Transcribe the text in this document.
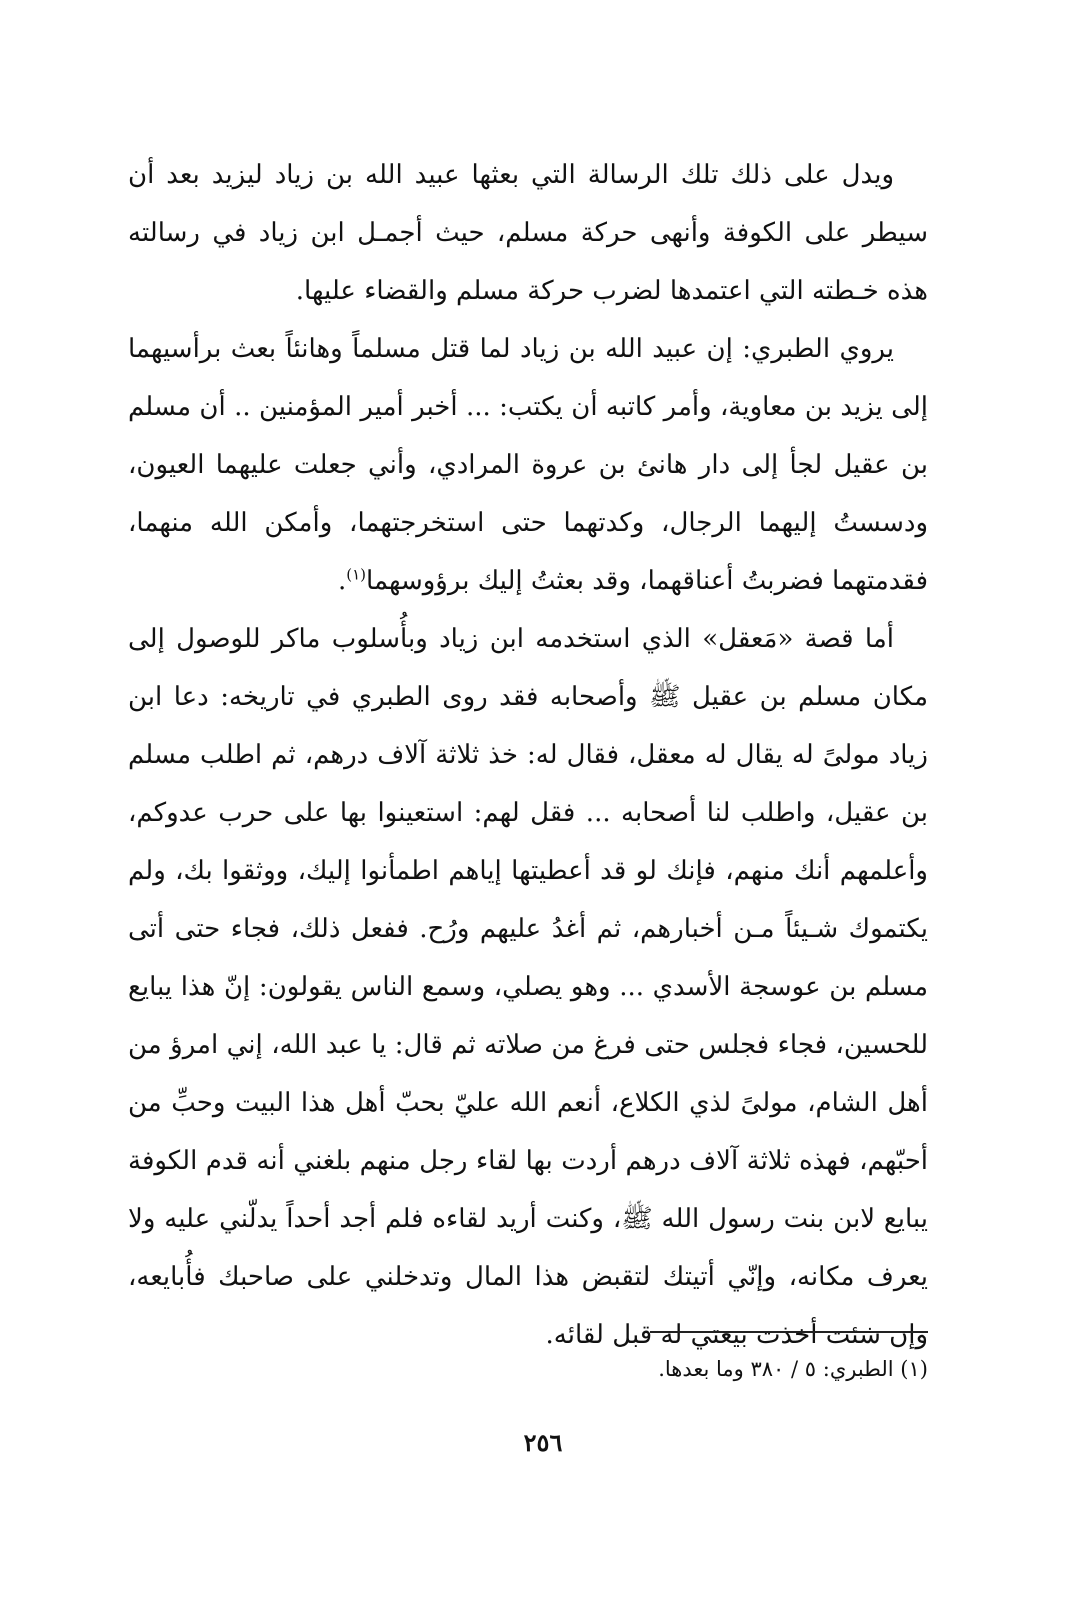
ويدل على ذلك تلك الرسالة التي بعثها عبيد الله بن زياد ليزيد بعد أن سيطر على الكوفة وأنهى حركة مسلم، حيث أجمـل ابن زياد في رسالته هذه خـطته التي اعتمدها لضرب حركة مسلم والقضاء عليها.

يروي الطبري: إن عبيد الله بن زياد لما قتل مسلماً وهانئاً بعث برأسيهما إلى يزيد بن معاوية، وأمر كاتبه أن يكتب: ... أخبر أمير المؤمنين .. أن مسلم بن عقيل لجأ إلى دار هانئ بن عروة المرادي، وأني جعلت عليهما العيون، ودسستُ إليهما الرجال، وكدتهما حتى استخرجتهما، وأمكن الله منهما، فقدمتهما فضربتُ أعناقهما، وقد بعثتُ إليك برؤوسهما$^{(١)}$.

أما قصة «مَعقل» الذي استخدمه ابن زياد وبأُسلوب ماكر للوصول إلى مكان مسلم بن عقيل ﷺ وأصحابه فقد روى الطبري في تاريخه: دعا ابن زياد مولىً له يقال له معقل، فقال له: خذ ثلاثة آلاف درهم، ثم اطلب مسلم بن عقيل، واطلب لنا أصحابه ... فقل لهم: استعينوا بها على حرب عدوكم، وأعلمهم أنك منهم، فإنك لو قد أعطيتها إياهم اطمأنوا إليك، ووثقوا بك، ولم يكتموك شـيئاً مـن أخبارهم، ثم أغدُ عليهم ورُح. ففعل ذلك، فجاء حتى أتى مسلم بن عوسجة الأسدي ... وهو يصلي، وسمع الناس يقولون: إنّ هذا يبايع للحسين، فجاء فجلس حتى فرغ من صلاته ثم قال: يا عبد الله، إني امرؤ من أهل الشام، مولىً لذي الكلاع، أنعم الله عليّ بحبّ أهل هذا البيت وحبِّ من أحبّهم، فهذه ثلاثة آلاف درهم أردت بها لقاء رجل منهم بلغني أنه قدم الكوفة يبايع لابن بنت رسول الله ﷺ، وكنت أريد لقاءه فلم أجد أحداً يدلّني عليه ولا يعرف مكانه، وإنّي أتيتك لتقبض هذا المال وتدخلني على صاحبك فأُبايعه، وإن شئت أخذت بيعتي له قبل لقائه.

(١) الطبري: ٥ / ٣٨٠ وما بعدها.
٢٥٦
